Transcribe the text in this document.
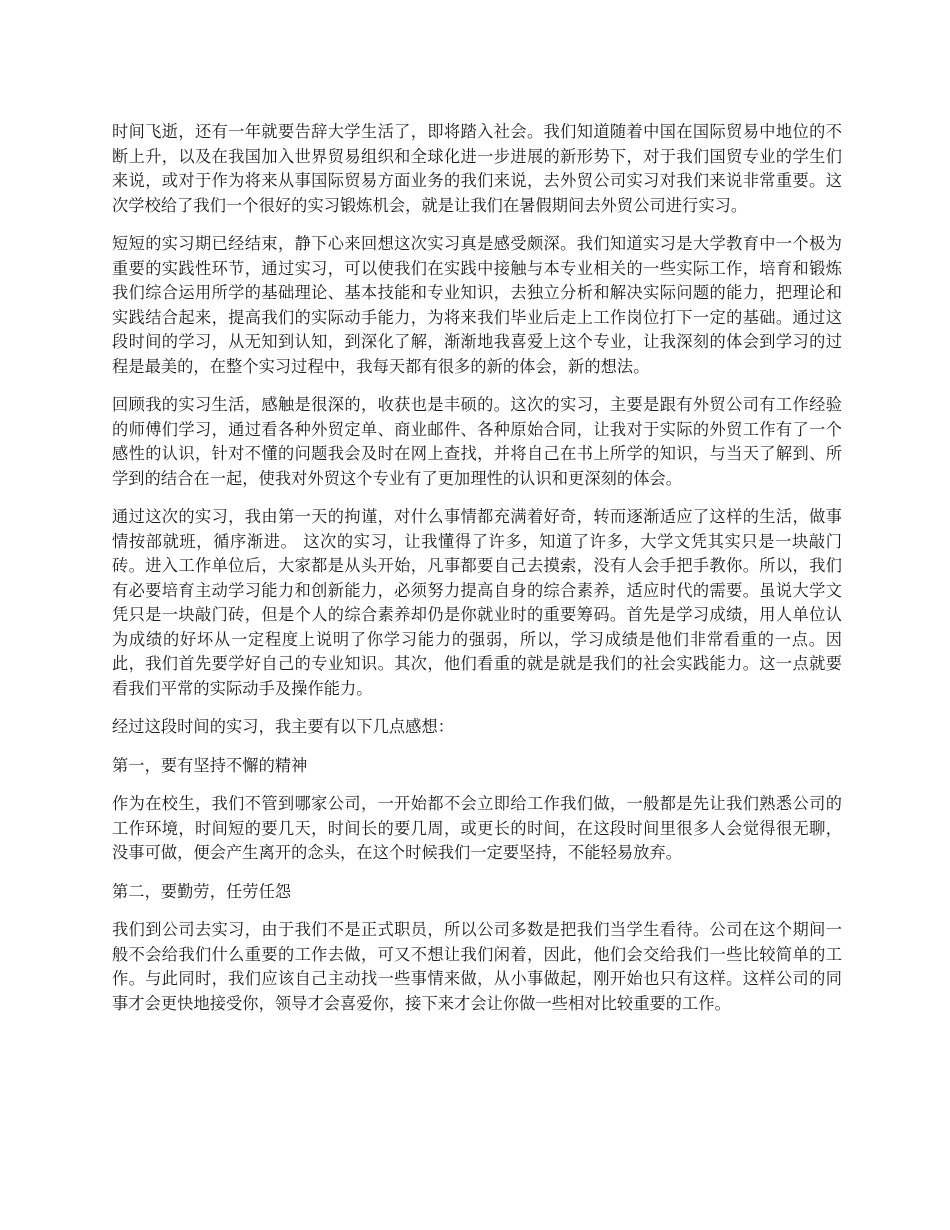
时间飞逝，还有一年就要告辞大学生活了，即将踏入社会。我们知道随着中国在国际贸易中地位的不断上升，以及在我国加入世界贸易组织和全球化进一步进展的新形势下，对于我们国贸专业的学生们来说，或对于作为将来从事国际贸易方面业务的我们来说，去外贸公司实习对我们来说非常重要。这次学校给了我们一个很好的实习锻炼机会，就是让我们在暑假期间去外贸公司进行实习。

短短的实习期已经结束，静下心来回想这次实习真是感受颇深。我们知道实习是大学教育中一个极为重要的实践性环节，通过实习，可以使我们在实践中接触与本专业相关的一些实际工作，培育和锻炼我们综合运用所学的基础理论、基本技能和专业知识，去独立分析和解决实际问题的能力，把理论和实践结合起来，提高我们的实际动手能力，为将来我们毕业后走上工作岗位打下一定的基础。通过这段时间的学习，从无知到认知，到深化了解，渐渐地我喜爱上这个专业，让我深刻的体会到学习的过程是最美的，在整个实习过程中，我每天都有很多的新的体会，新的想法。

回顾我的实习生活，感触是很深的，收获也是丰硕的。这次的实习，主要是跟有外贸公司有工作经验的师傅们学习，通过看各种外贸定单、商业邮件、各种原始合同，让我对于实际的外贸工作有了一个感性的认识，针对不懂的问题我会及时在网上查找，并将自己在书上所学的知识，与当天了解到、所学到的结合在一起，使我对外贸这个专业有了更加理性的认识和更深刻的体会。

通过这次的实习，我由第一天的拘谨，对什么事情都充满着好奇，转而逐渐适应了这样的生活，做事情按部就班，循序渐进。 这次的实习，让我懂得了许多，知道了许多，大学文凭其实只是一块敲门砖。进入工作单位后，大家都是从头开始，凡事都要自己去摸索，没有人会手把手教你。所以，我们有必要培育主动学习能力和创新能力，必须努力提高自身的综合素养，适应时代的需要。虽说大学文凭只是一块敲门砖，但是个人的综合素养却仍是你就业时的重要筹码。首先是学习成绩，用人单位认为成绩的好坏从一定程度上说明了你学习能力的强弱，所以，学习成绩是他们非常看重的一点。因此，我们首先要学好自己的专业知识。其次，他们看重的就是就是我们的社会实践能力。这一点就要看我们平常的实际动手及操作能力。

经过这段时间的实习，我主要有以下几点感想：

第一，要有坚持不懈的精神

作为在校生，我们不管到哪家公司，一开始都不会立即给工作我们做，一般都是先让我们熟悉公司的工作环境，时间短的要几天，时间长的要几周，或更长的时间，在这段时间里很多人会觉得很无聊，没事可做，便会产生离开的念头，在这个时候我们一定要坚持，不能轻易放弃。

第二，要勤劳，任劳任怨

我们到公司去实习，由于我们不是正式职员，所以公司多数是把我们当学生看待。公司在这个期间一般不会给我们什么重要的工作去做，可又不想让我们闲着，因此，他们会交给我们一些比较简单的工作。与此同时，我们应该自己主动找一些事情来做，从小事做起，刚开始也只有这样。这样公司的同事才会更快地接受你，领导才会喜爱你，接下来才会让你做一些相对比较重要的工作。
